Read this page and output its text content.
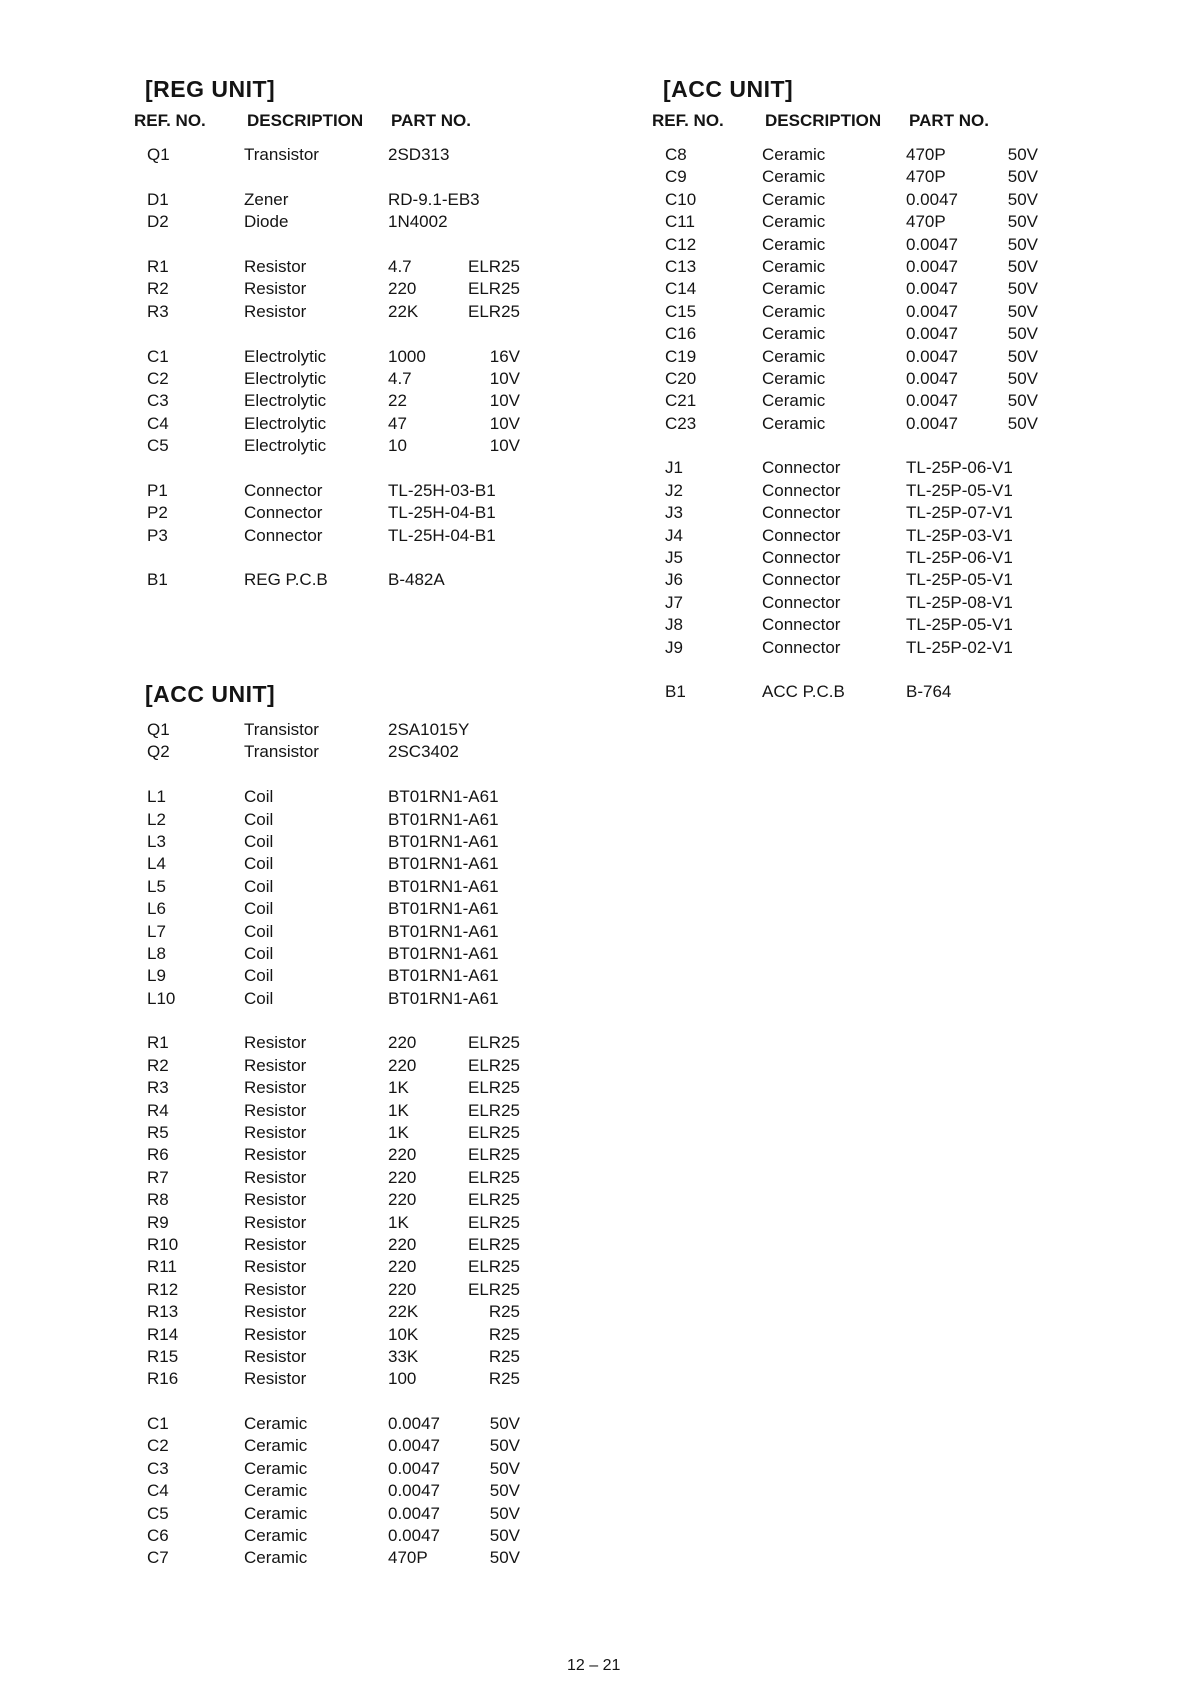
[REG UNIT]
REF. NO.	DESCRIPTION	PART NO.
Q1	Transistor	2SD313
D1	Zener	RD-9.1-EB3
D2	Diode	1N4002
R1	Resistor	4.7	ELR25
R2	Resistor	220	ELR25
R3	Resistor	22K	ELR25
C1	Electrolytic	1000	16V
C2	Electrolytic	4.7	10V
C3	Electrolytic	22	10V
C4	Electrolytic	47	10V
C5	Electrolytic	10	10V
P1	Connector	TL-25H-03-B1
P2	Connector	TL-25H-04-B1
P3	Connector	TL-25H-04-B1
B1	REG P.C.B	B-482A
[ACC UNIT]
Q1	Transistor	2SA1015Y
Q2	Transistor	2SC3402
L1	Coil	BT01RN1-A61
L2	Coil	BT01RN1-A61
L3	Coil	BT01RN1-A61
L4	Coil	BT01RN1-A61
L5	Coil	BT01RN1-A61
L6	Coil	BT01RN1-A61
L7	Coil	BT01RN1-A61
L8	Coil	BT01RN1-A61
L9	Coil	BT01RN1-A61
L10	Coil	BT01RN1-A61
R1	Resistor	220	ELR25
R2	Resistor	220	ELR25
R3	Resistor	1K	ELR25
R4	Resistor	1K	ELR25
R5	Resistor	1K	ELR25
R6	Resistor	220	ELR25
R7	Resistor	220	ELR25
R8	Resistor	220	ELR25
R9	Resistor	1K	ELR25
R10	Resistor	220	ELR25
R11	Resistor	220	ELR25
R12	Resistor	220	ELR25
R13	Resistor	22K	R25
R14	Resistor	10K	R25
R15	Resistor	33K	R25
R16	Resistor	100	R25
C1	Ceramic	0.0047	50V
C2	Ceramic	0.0047	50V
C3	Ceramic	0.0047	50V
C4	Ceramic	0.0047	50V
C5	Ceramic	0.0047	50V
C6	Ceramic	0.0047	50V
C7	Ceramic	470P	50V
[ACC UNIT]
REF. NO.	DESCRIPTION	PART NO.
C8	Ceramic	470P	50V
C9	Ceramic	470P	50V
C10	Ceramic	0.0047	50V
C11	Ceramic	470P	50V
C12	Ceramic	0.0047	50V
C13	Ceramic	0.0047	50V
C14	Ceramic	0.0047	50V
C15	Ceramic	0.0047	50V
C16	Ceramic	0.0047	50V
C19	Ceramic	0.0047	50V
C20	Ceramic	0.0047	50V
C21	Ceramic	0.0047	50V
C23	Ceramic	0.0047	50V
J1	Connector	TL-25P-06-V1
J2	Connector	TL-25P-05-V1
J3	Connector	TL-25P-07-V1
J4	Connector	TL-25P-03-V1
J5	Connector	TL-25P-06-V1
J6	Connector	TL-25P-05-V1
J7	Connector	TL-25P-08-V1
J8	Connector	TL-25P-05-V1
J9	Connector	TL-25P-02-V1
B1	ACC P.C.B	B-764
12 – 21
